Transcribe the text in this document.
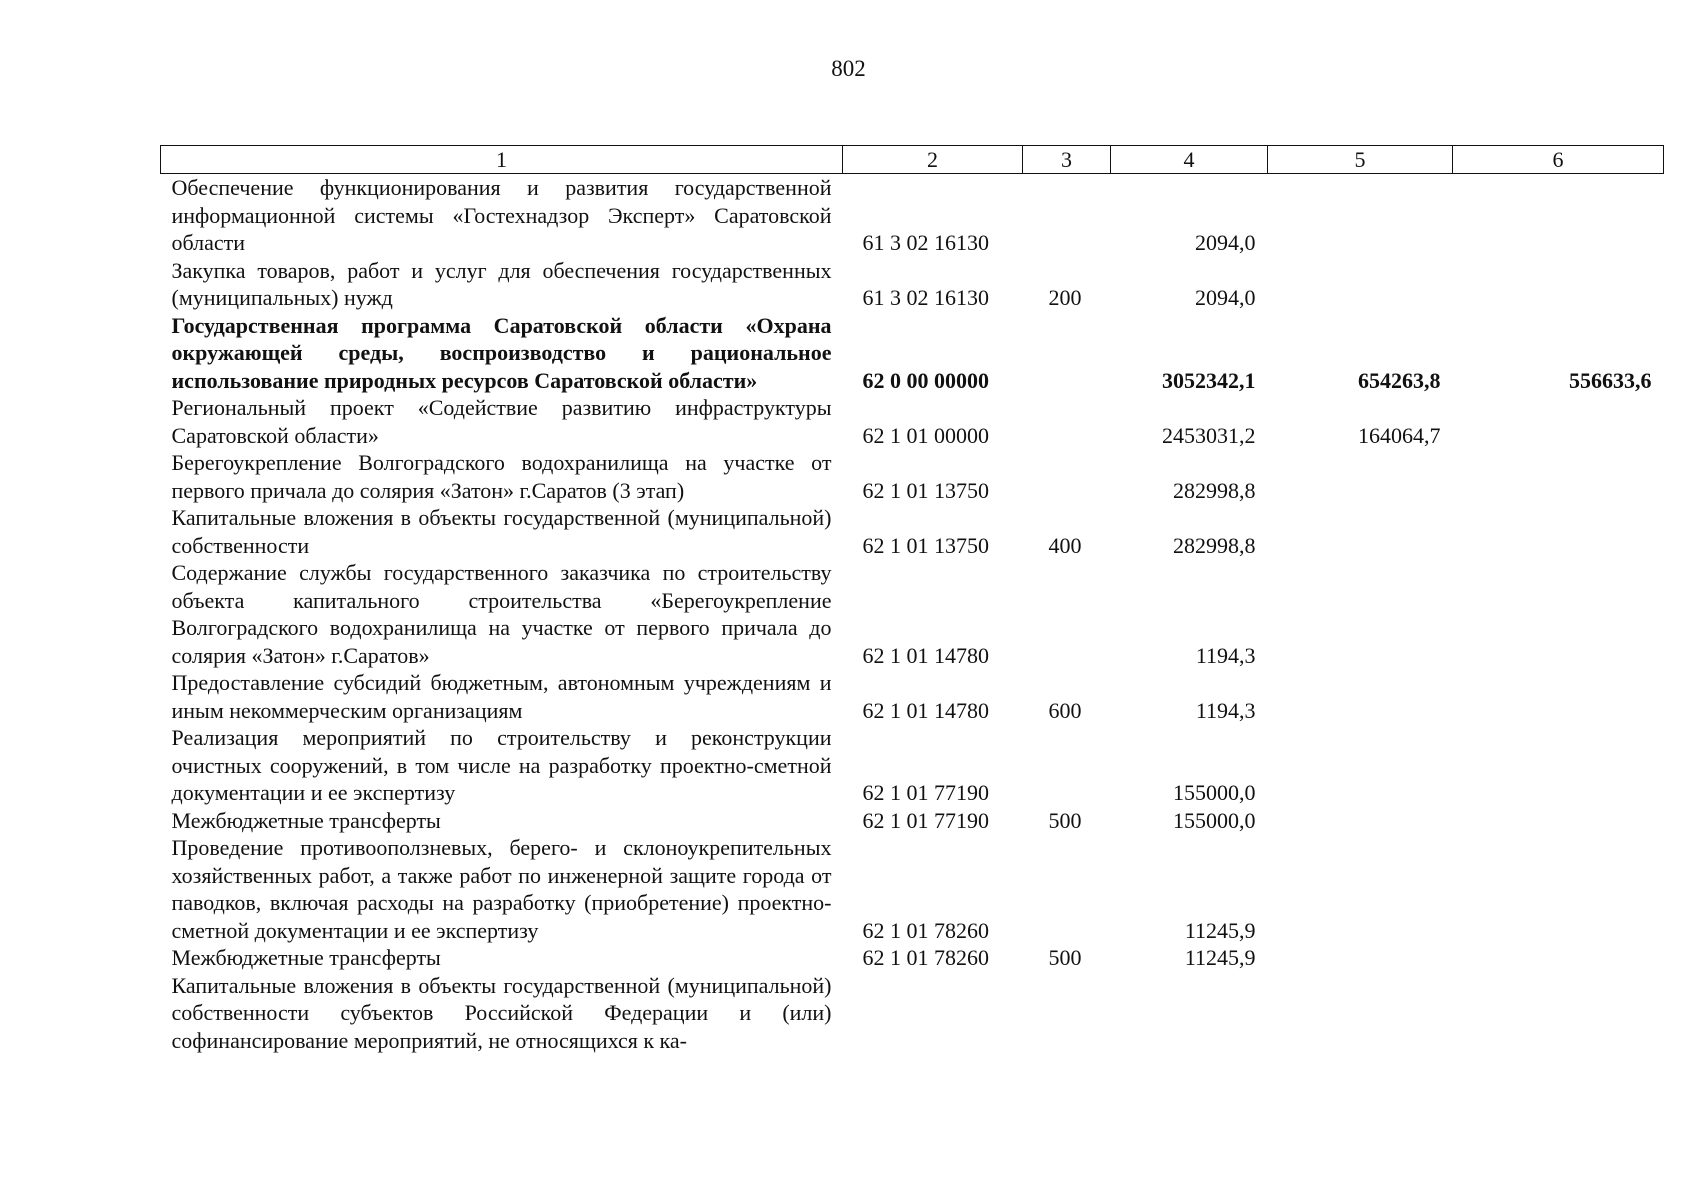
802
1	2	3	4	5	6
Обеспечение функционирования и развития государственной информационной системы «Гостехнадзор Эксперт» Саратовской области	61 3 02 16130		2094,0		
Закупка товаров, работ и услуг для обеспечения государственных (муниципальных) нужд	61 3 02 16130	200	2094,0		
Государственная программа Саратовской области «Охрана окружающей среды, воспроизводство и рациональное использование природных ресурсов Саратовской области»	62 0 00 00000		3052342,1	654263,8	556633,6
Региональный проект «Содействие развитию инфраструктуры Саратовской области»	62 1 01 00000		2453031,2	164064,7	
Берегоукрепление Волгоградского водохранилища на участке от первого причала до солярия «Затон» г.Саратов (3 этап)	62 1 01 13750		282998,8		
Капитальные вложения в объекты государственной (муниципальной) собственности	62 1 01 13750	400	282998,8		
Содержание службы государственного заказчика по строительству объекта капитального строительства «Берегоукрепление Волгоградского водохранилища на участке от первого причала до солярия «Затон» г.Саратов»	62 1 01 14780		1194,3		
Предоставление субсидий бюджетным, автономным учреждениям и иным некоммерческим организациям	62 1 01 14780	600	1194,3		
Реализация мероприятий по строительству и реконструкции очистных сооружений, в том числе на разработку проектно-сметной документации и ее экспертизу	62 1 01 77190		155000,0		
Межбюджетные трансферты	62 1 01 77190	500	155000,0		
Проведение противооползневых, берего- и склоноукрепительных хозяйственных работ, а также работ по инженерной защите города от паводков, включая расходы на разработку (приобретение) проектно-сметной документации и ее экспертизу	62 1 01 78260		11245,9		
Межбюджетные трансферты	62 1 01 78260	500	11245,9		
Капитальные вложения в объекты государственной (муниципальной) собственности субъектов Российской Федерации и (или) софинансирование мероприятий, не относящихся к ка-					
